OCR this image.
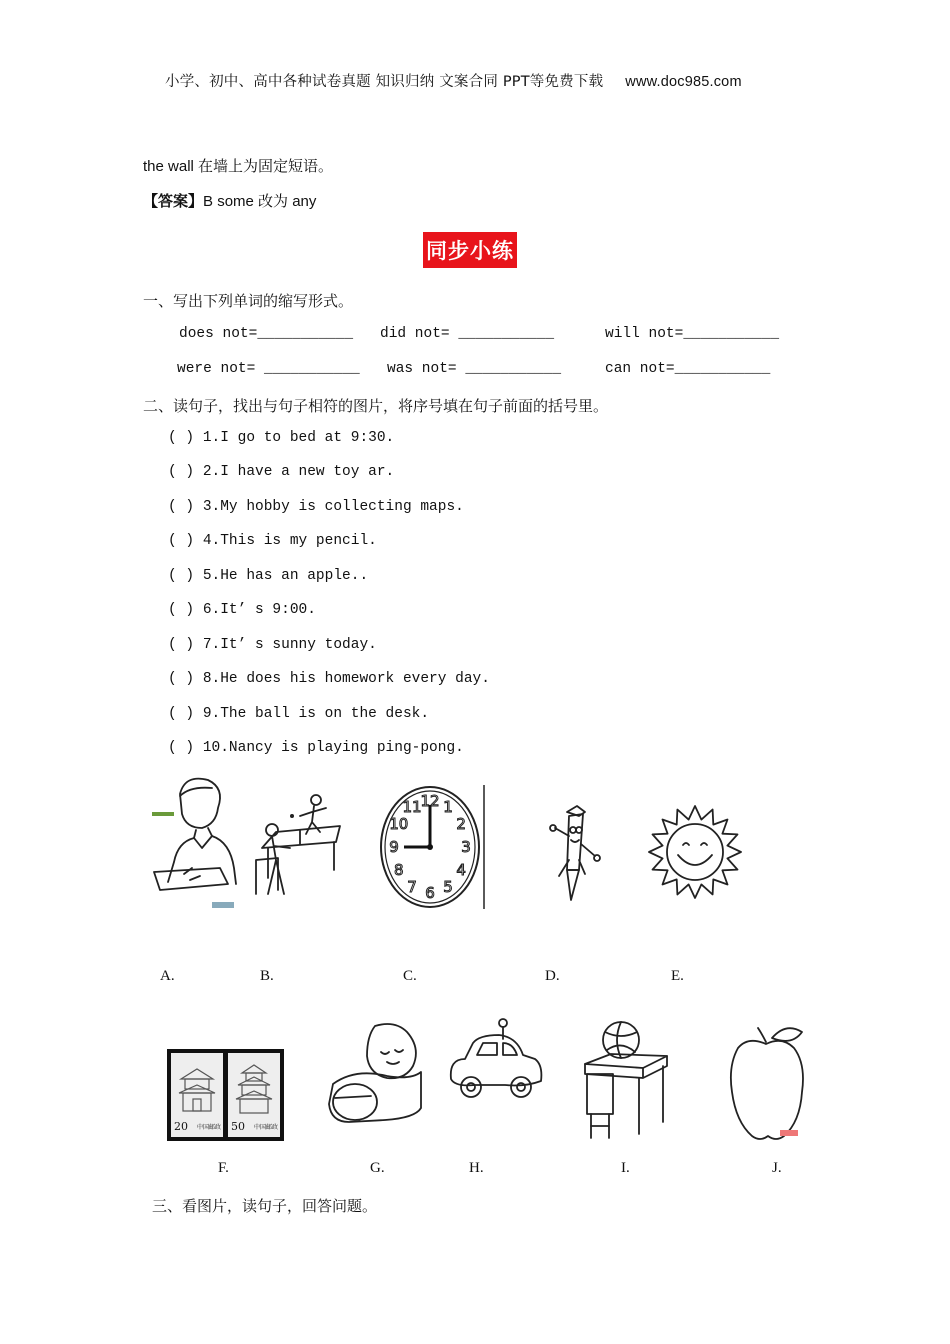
小学、初中、高中各种试卷真题 知识归纳 文案合同 PPT等免费下载 www.doc985.com
the wall 在墙上为固定短语。
【答案】B some 改为 any
同步小练
一、写出下列单词的缩写形式。
does not=___________ did not= ___________	will not=___________
were not= ___________ was not= ___________	can not=___________
二、读句子，找出与句子相符的图片，将序号填在句子前面的括号里。
( ) 1.I go to bed at 9:30.
( ) 2.I have a new toy ar.
( ) 3.My hobby is collecting maps.
( ) 4.This is my pencil.
( ) 5.He has an apple..
( ) 6.It’ s 9:00.
( ) 7.It’ s sunny today.
( ) 8.He does his homework every day.
( ) 9.The ball is on the desk.
( ) 10.Nancy is playing ping-pong.
12 1
2
3
4
5
6
7
8
9
10
11
A.	B.	C.	D.	E.
20 中国邮政 50 中国邮政
F.	G.	H.	I.	J.
三、看图片，读句子，回答问题。
